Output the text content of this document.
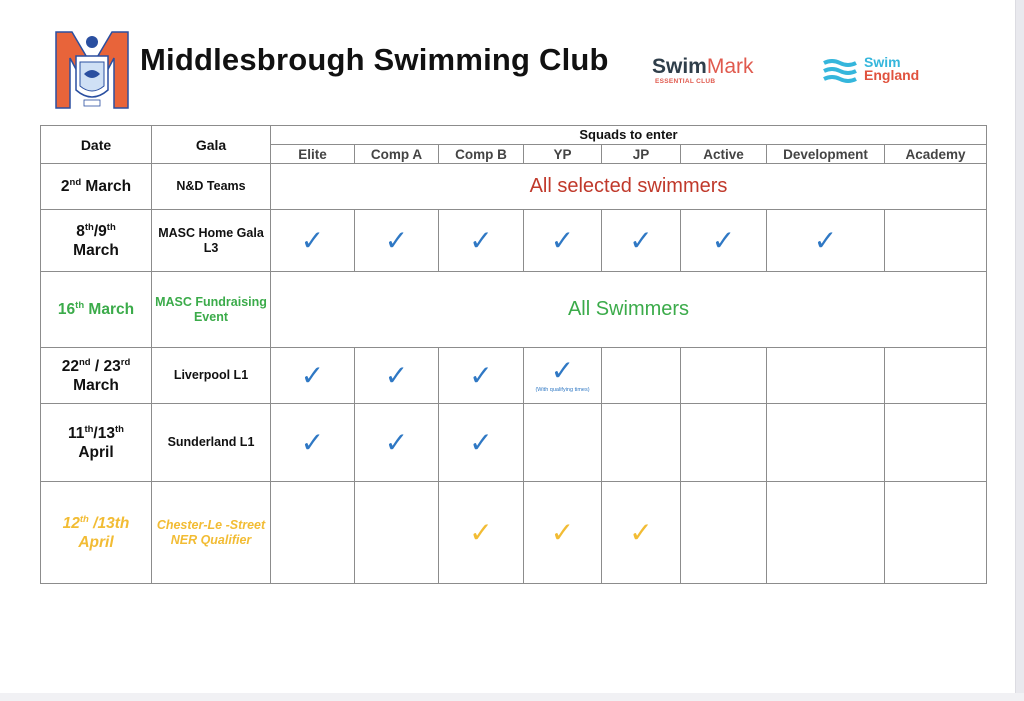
Middlesbrough Swimming Club SwimMark
ESSENTIAL CLUB
Swim
England
Date	Gala	Squads to enter							
		Elite	Comp A	Comp B	YP	JP	Active	Development	Academy
2nd March	N&D Teams	All selected swimmers							
8th/9th
March	MASC Home Gala L3	✓	✓	✓	✓	✓	✓	✓	
16th March	MASC Fundraising Event	All Swimmers							
22nd / 23rd
March	Liverpool L1	✓	✓	✓	✓
(With qualifying times)				

11th/13th
April	Sunderland L1	✓	✓	✓					
12th /13th
April	Chester-Le -Street NER Qualifier			✓	✓	✓			
